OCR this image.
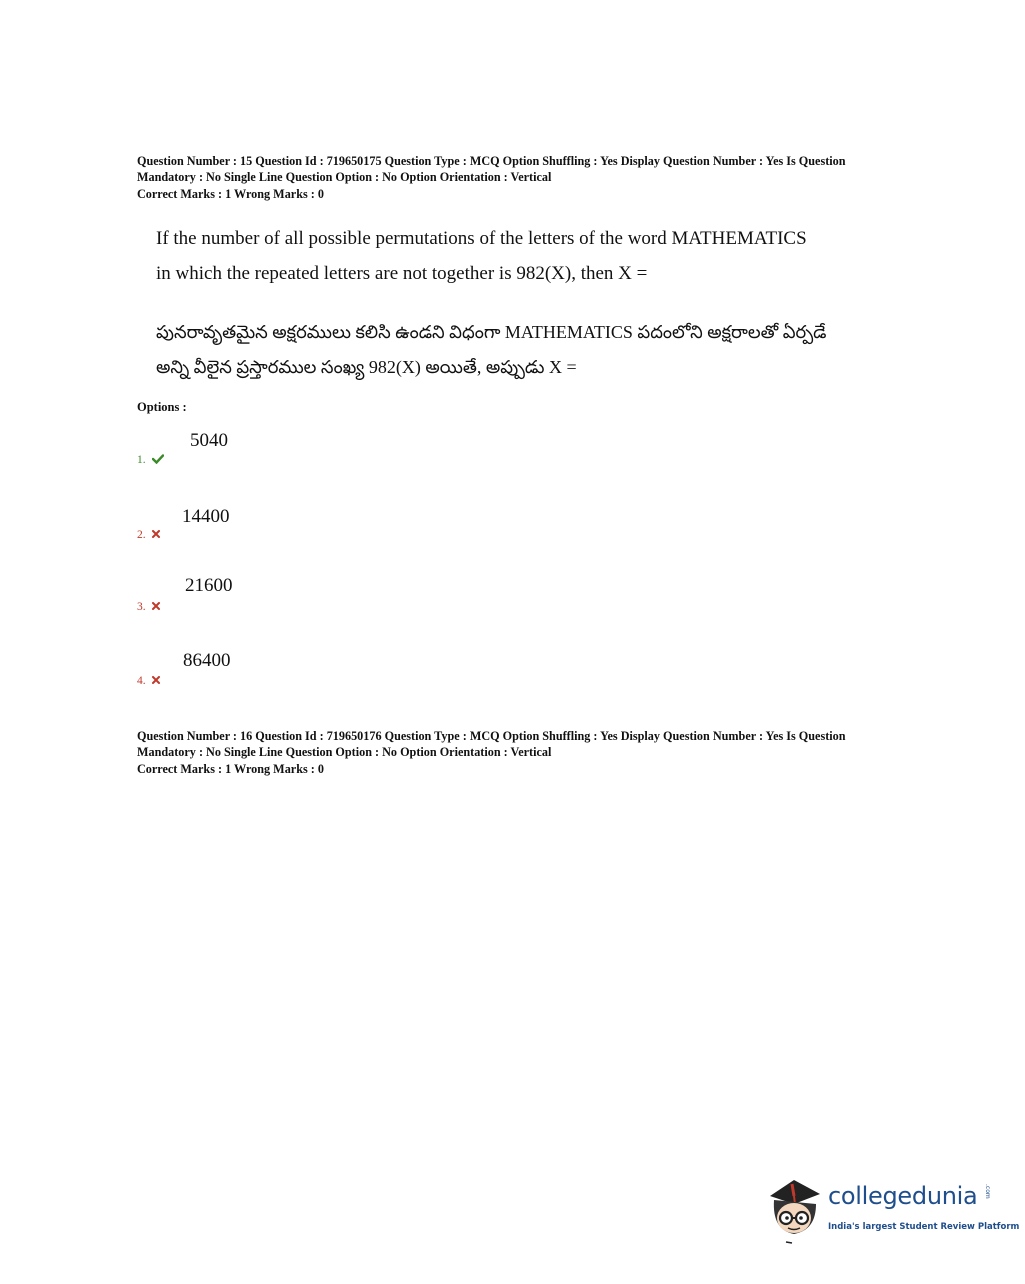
Question Number : 15 Question Id : 719650175 Question Type : MCQ Option Shuffling : Yes Display Question Number : Yes Is Question
Mandatory : No Single Line Question Option : No Option Orientation : Vertical
Correct Marks : 1 Wrong Marks : 0
If the number of all possible permutations of the letters of the word MATHEMATICS
in which the repeated letters are not together is 982(X), then X =
పునరావృతమైన అక్షరములు కలిసి ఉండని విధంగా MATHEMATICS పదంలోని అక్షరాలతో ఏర్పడే
అన్ని వీలైన ప్రస్తారముల సంఖ్య 982(X) అయితే, అప్పుడు X =
Options :
5040
1.
14400
2.
21600
3.
86400
4.
Question Number : 16 Question Id : 719650176 Question Type : MCQ Option Shuffling : Yes Display Question Number : Yes Is Question
Mandatory : No Single Line Question Option : No Option Orientation : Vertical
Correct Marks : 1 Wrong Marks : 0
collegedunia .com
India's largest Student Review Platform
